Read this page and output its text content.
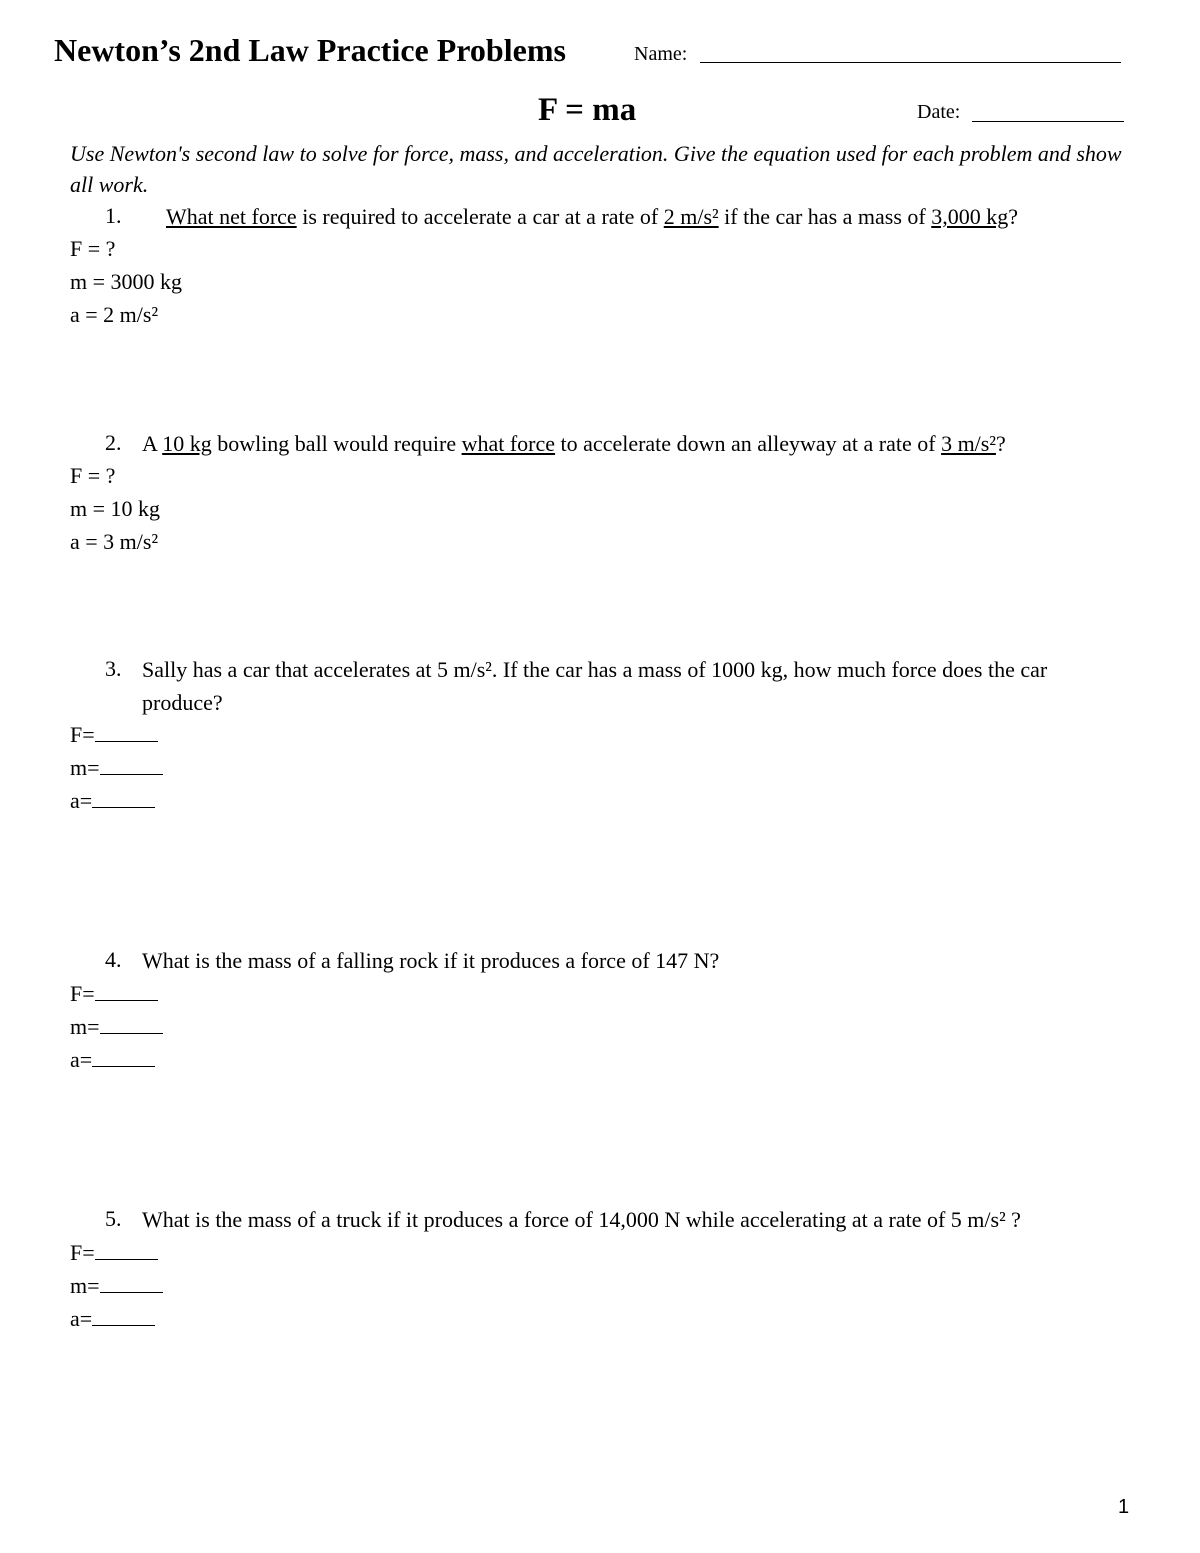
Newton’s 2nd Law Practice Problems	Name:
F = ma	Date:
Use Newton's second law to solve for force, mass, and acceleration. Give the equation used for each problem and show all work.
1. What net force is required to accelerate a car at a rate of 2 m/s² if the car has a mass of 3,000 kg?
F = ?
m = 3000 kg
a = 2 m/s²
2. A 10 kg bowling ball would require what force to accelerate down an alleyway at a rate of 3 m/s²?
F = ?
m = 10 kg
a = 3 m/s²
3. Sally has a car that accelerates at 5 m/s². If the car has a mass of 1000 kg, how much force does the car produce?
F=
m=
a=
4. What is the mass of a falling rock if it produces a force of 147 N?
F=
m=
a=
5. What is the mass of a truck if it produces a force of 14,000 N while accelerating at a rate of 5 m/s² ?
F=
m=
a=
1
